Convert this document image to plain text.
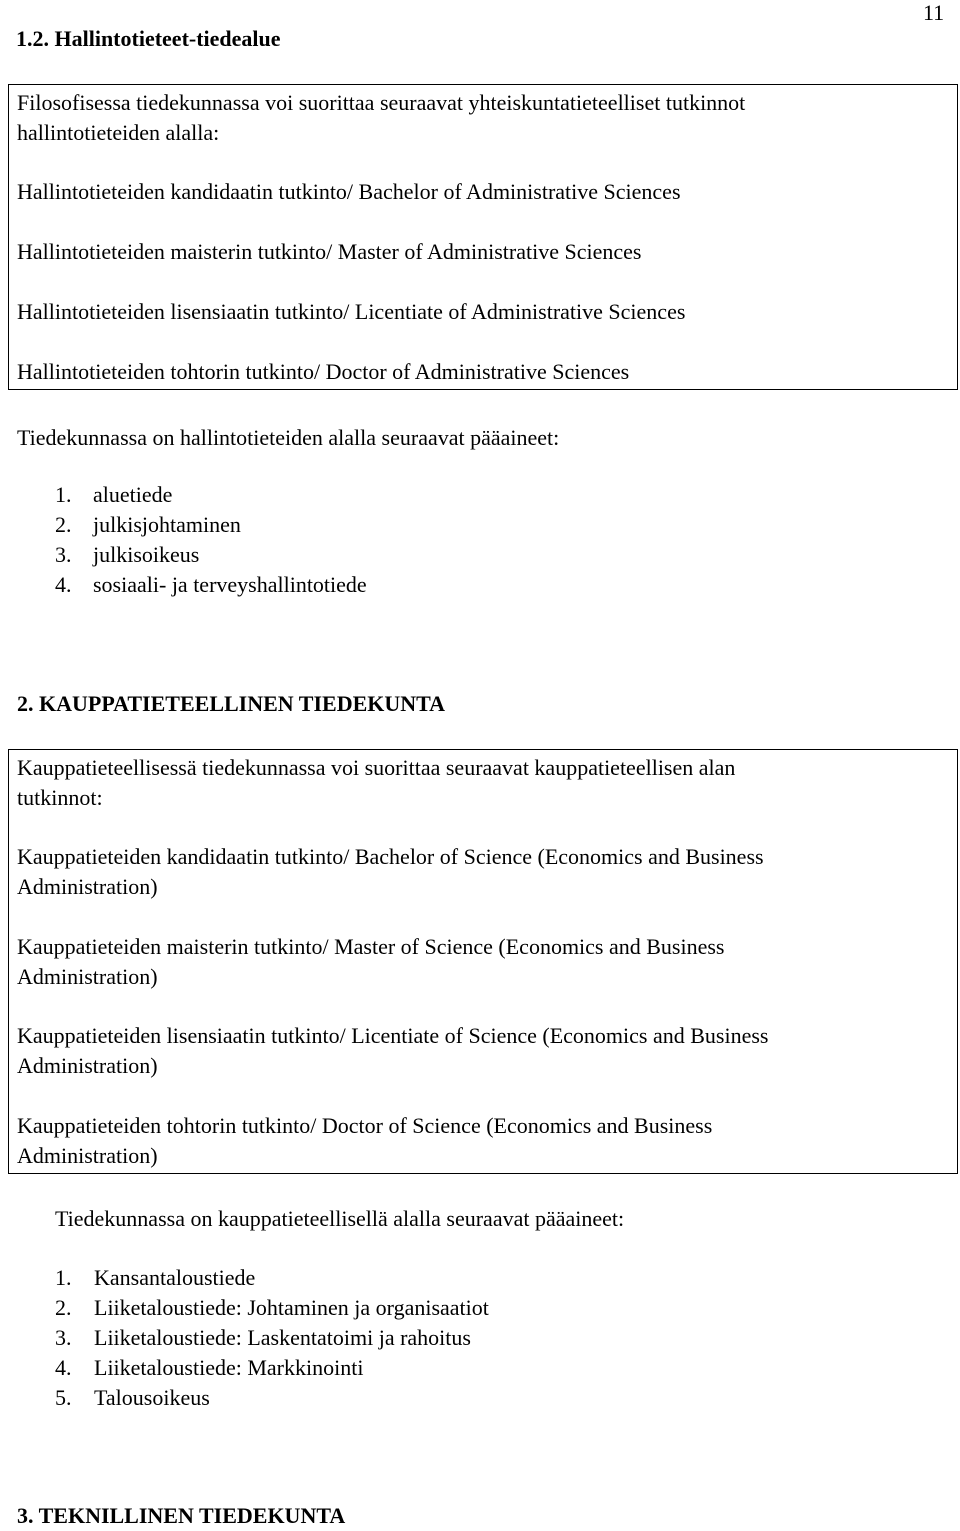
11
1.2. Hallintotieteet-tiedealue
Filosofisessa tiedekunnassa voi suorittaa seuraavat yhteiskuntatieteelliset tutkinnot
hallintotieteiden alalla:
Hallintotieteiden kandidaatin tutkinto/ Bachelor of Administrative Sciences
Hallintotieteiden maisterin tutkinto/ Master of Administrative Sciences
Hallintotieteiden lisensiaatin tutkinto/ Licentiate of Administrative Sciences
Hallintotieteiden tohtorin tutkinto/ Doctor of Administrative Sciences
Tiedekunnassa on hallintotieteiden alalla seuraavat pääaineet:
1. aluetiede
2. julkisjohtaminen
3. julkisoikeus
4. sosiaali- ja terveyshallintotiede
2. KAUPPATIETEELLINEN TIEDEKUNTA
Kauppatieteellisessä tiedekunnassa voi suorittaa seuraavat kauppatieteellisen alan
tutkinnot:
Kauppatieteiden kandidaatin tutkinto/ Bachelor of Science (Economics and Business
Administration)
Kauppatieteiden maisterin tutkinto/ Master of Science (Economics and Business
Administration)
Kauppatieteiden lisensiaatin tutkinto/ Licentiate of Science (Economics and Business
Administration)
Kauppatieteiden tohtorin tutkinto/ Doctor of Science (Economics and Business
Administration)
Tiedekunnassa on kauppatieteellisellä alalla seuraavat pääaineet:
1. Kansantaloustiede
2. Liiketaloustiede: Johtaminen ja organisaatiot
3. Liiketaloustiede: Laskentatoimi ja rahoitus
4. Liiketaloustiede: Markkinointi
5. Talousoikeus
3. TEKNILLINEN TIEDEKUNTA
